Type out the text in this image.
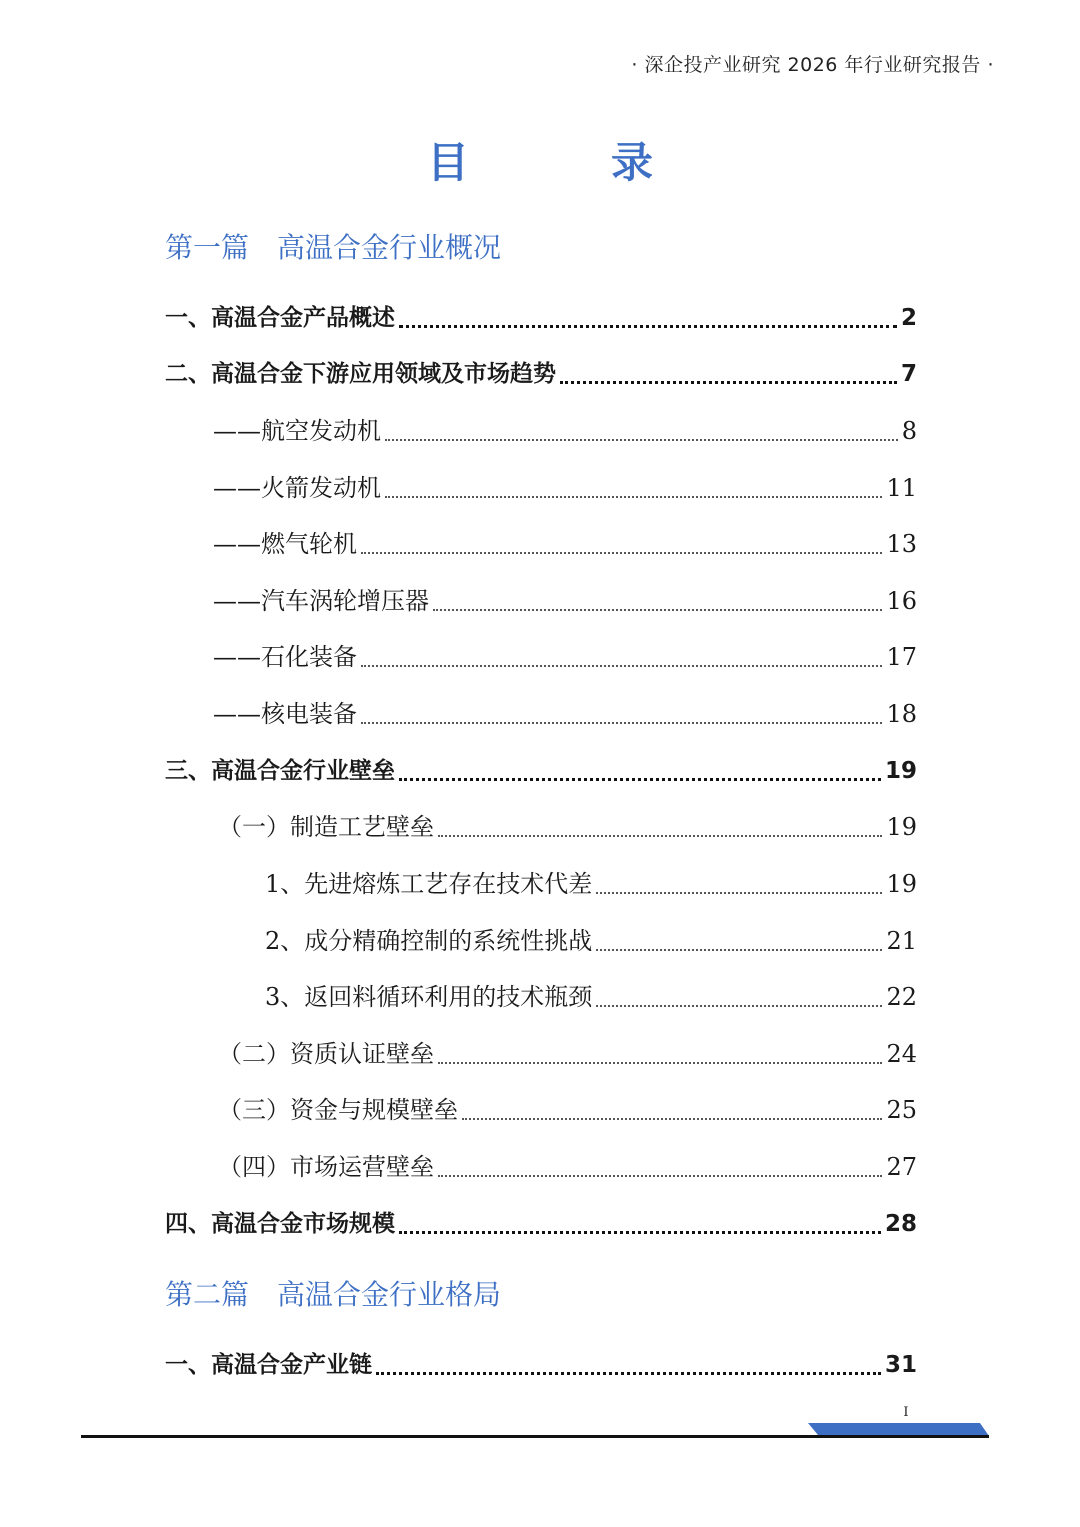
· 深企投产业研究 2026 年行业研究报告 ·
目　录
第一篇　高温合金行业概况
一、高温合金产品概述	2
二、高温合金下游应用领域及市场趋势	7
——航空发动机	8
——火箭发动机	11
——燃气轮机	13
——汽车涡轮增压器	16
——石化装备	17
——核电装备	18
三、高温合金行业壁垒	19
（一）制造工艺壁垒	19
1、先进熔炼工艺存在技术代差	19
2、成分精确控制的系统性挑战	21
3、返回料循环利用的技术瓶颈	22
（二）资质认证壁垒	24
（三）资金与规模壁垒	25
（四）市场运营壁垒	27
四、高温合金市场规模	28
第二篇　高温合金行业格局
一、高温合金产业链	31
I
